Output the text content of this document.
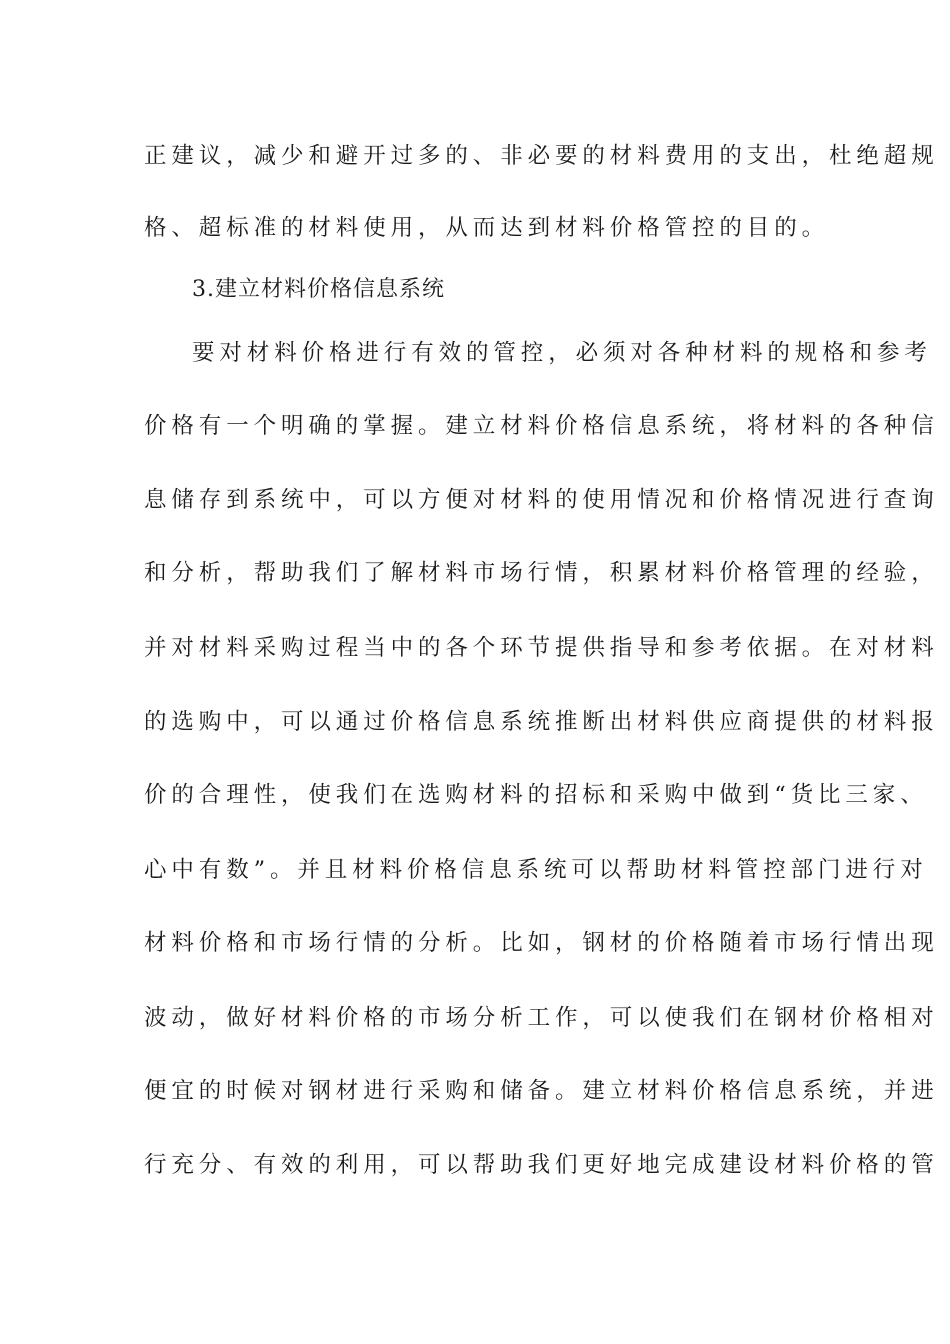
正建议，减少和避开过多的、非必要的材料费用的支出，杜绝超规
格、超标准的材料使用，从而达到材料价格管控的目的。
3.建立材料价格信息系统
要对材料价格进行有效的管控，必须对各种材料的规格和参考
价格有一个明确的掌握。建立材料价格信息系统，将材料的各种信
息储存到系统中，可以方便对材料的使用情况和价格情况进行查询
和分析，帮助我们了解材料市场行情，积累材料价格管理的经验，
并对材料采购过程当中的各个环节提供指导和参考依据。在对材料
的选购中，可以通过价格信息系统推断出材料供应商提供的材料报
价的合理性，使我们在选购材料的招标和采购中做到“货比三家、
心中有数”。并且材料价格信息系统可以帮助材料管控部门进行对
材料价格和市场行情的分析。比如，钢材的价格随着市场行情出现
波动，做好材料价格的市场分析工作，可以使我们在钢材价格相对
便宜的时候对钢材进行采购和储备。建立材料价格信息系统，并进
行充分、有效的利用，可以帮助我们更好地完成建设材料价格的管
